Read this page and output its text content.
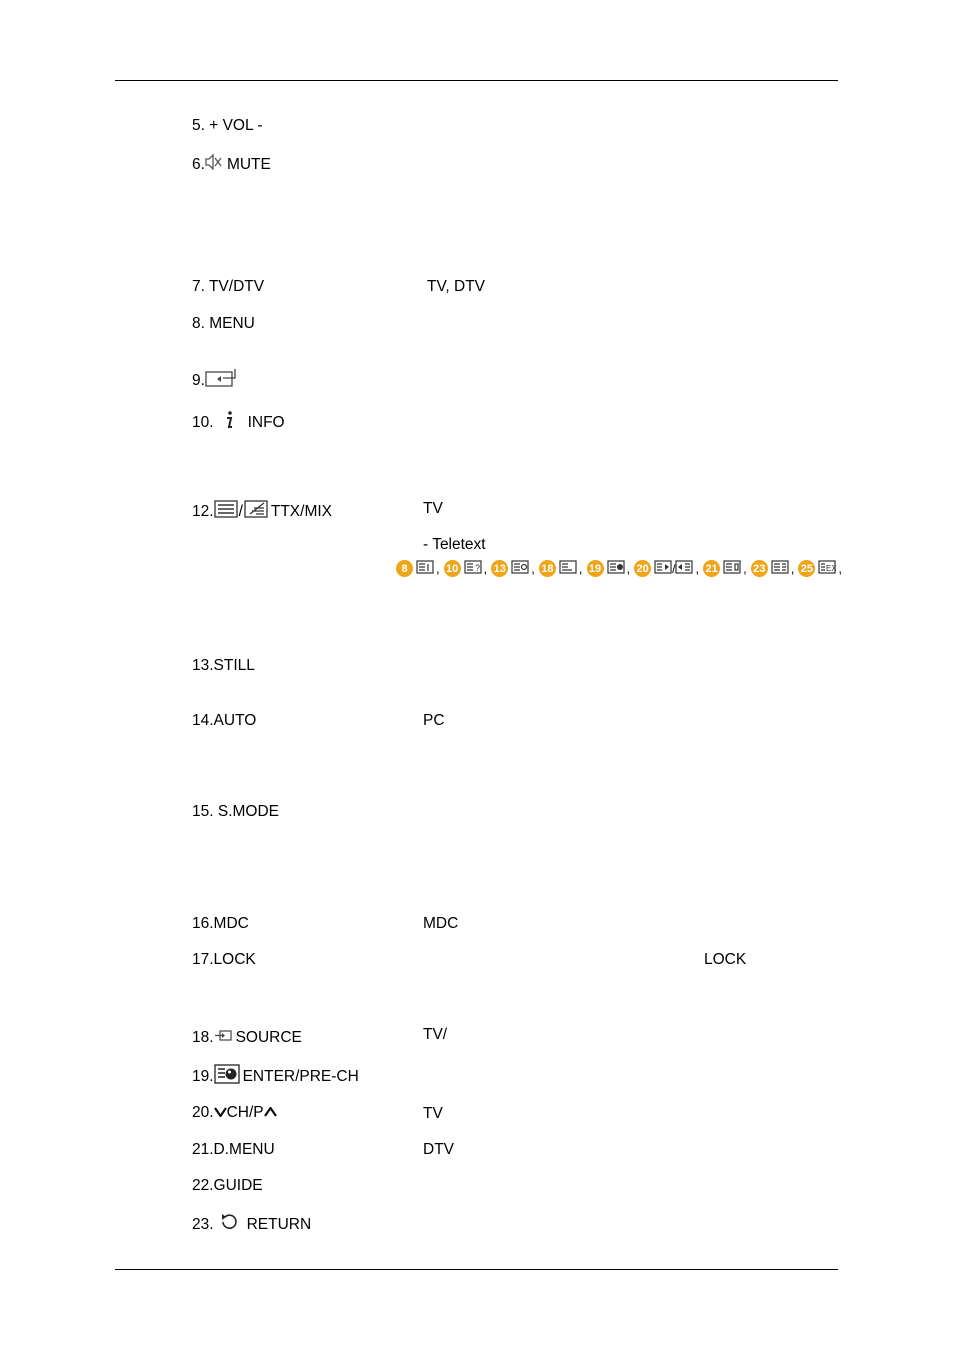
5. + VOL -
6. MUTE
7. TV/DTV	TV, DTV
8. MENU
9.
10. INFO
12. / TTX/MIX	TV
- Teletext
8	, 10 ? , 13 , 18 , 19 , 20 / , 21 , 23 , 25 EX ,
13.STILL
14.AUTO	PC
15. S.MODE
16.MDC	MDC
17.LOCK	LOCK
18. SOURCE	TV/
19. ENTER/PRE-CH
20. CH/P	TV
21.D.MENU	DTV
22.GUIDE
23. RETURN
